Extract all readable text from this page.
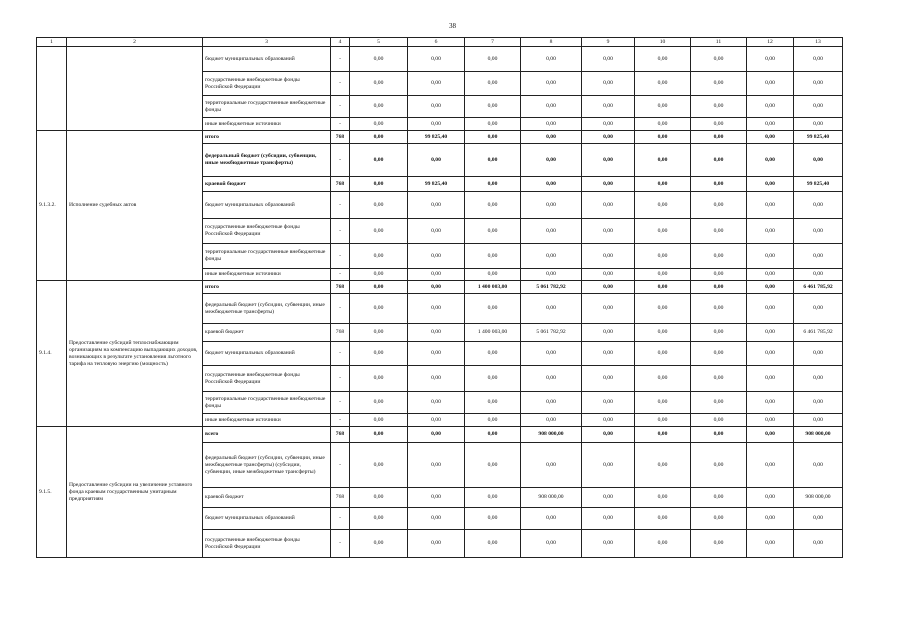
38
1	2	3	4	5	6	7	8	9	10	11	12	13
		бюджет муниципальных образований	-	0,00	0,00	0,00	0,00	0,00	0,00	0,00	0,00	0,00
		государственные внебюджетные фонды Российской Федерации	-	0,00	0,00	0,00	0,00	0,00	0,00	0,00	0,00	0,00
		территориальные государственные внебюджетные фонды	-	0,00	0,00	0,00	0,00	0,00	0,00	0,00	0,00	0,00
		иные внебюджетные источники	-	0,00	0,00	0,00	0,00	0,00	0,00	0,00	0,00	0,00
9.1.3.2.	Исполнение судебных актов	итого	768	0,00	99 825,40	0,00	0,00	0,00	0,00	0,00	0,00	99 825,40
		федеральный бюджет (субсидии, субвенции, иные межбюджетные трансферты)	-	0,00	0,00	0,00	0,00	0,00	0,00	0,00	0,00	0,00
		краевой бюджет	768	0,00	99 825,40	0,00	0,00	0,00	0,00	0,00	0,00	99 825,40
		бюджет муниципальных образований	-	0,00	0,00	0,00	0,00	0,00	0,00	0,00	0,00	0,00
		государственные внебюджетные фонды Российской Федерации	-	0,00	0,00	0,00	0,00	0,00	0,00	0,00	0,00	0,00
		территориальные государственные внебюджетные фонды	-	0,00	0,00	0,00	0,00	0,00	0,00	0,00	0,00	0,00
		иные внебюджетные источники	-	0,00	0,00	0,00	0,00	0,00	0,00	0,00	0,00	0,00
9.1.4.	Предоставление субсидий теплоснабжающим организациям на компенсацию выпадающих доходов, возникающих в результате установления льготного тарифа на тепловую энергию (мощность)	итого	768	0,00	0,00	1 400 003,00	5 061 782,92	0,00	0,00	0,00	0,00	6 461 785,92
		федеральный бюджет (субсидии, субвенции, иные межбюджетные трансферты)	-	0,00	0,00	0,00	0,00	0,00	0,00	0,00	0,00	0,00
		краевой бюджет	768	0,00	0,00	1 400 003,00	5 061 782,92	0,00	0,00	0,00	0,00	6 461 785,92
		бюджет муниципальных образований	-	0,00	0,00	0,00	0,00	0,00	0,00	0,00	0,00	0,00
		государственные внебюджетные фонды Российской Федерации	-	0,00	0,00	0,00	0,00	0,00	0,00	0,00	0,00	0,00
		территориальные государственные внебюджетные фонды	-	0,00	0,00	0,00	0,00	0,00	0,00	0,00	0,00	0,00
		иные внебюджетные источники	-	0,00	0,00	0,00	0,00	0,00	0,00	0,00	0,00	0,00
9.1.5.	Предоставление субсидии на увеличение уставного фонда краевым государственным унитарным предприятиям	всего	768	0,00	0,00	0,00	908 000,00	0,00	0,00	0,00	0,00	908 000,00
		федеральный бюджет (субсидии, субвенции, иные межбюджетные трансферты) (субсидии, субвенции, иные межбюджетные трансферты)	-	0,00	0,00	0,00	0,00	0,00	0,00	0,00	0,00	0,00
		краевой бюджет	768	0,00	0,00	0,00	908 000,00	0,00	0,00	0,00	0,00	908 000,00
		бюджет муниципальных образований	-	0,00	0,00	0,00	0,00	0,00	0,00	0,00	0,00	0,00
		государственные внебюджетные фонды Российской Федерации	-	0,00	0,00	0,00	0,00	0,00	0,00	0,00	0,00	0,00
